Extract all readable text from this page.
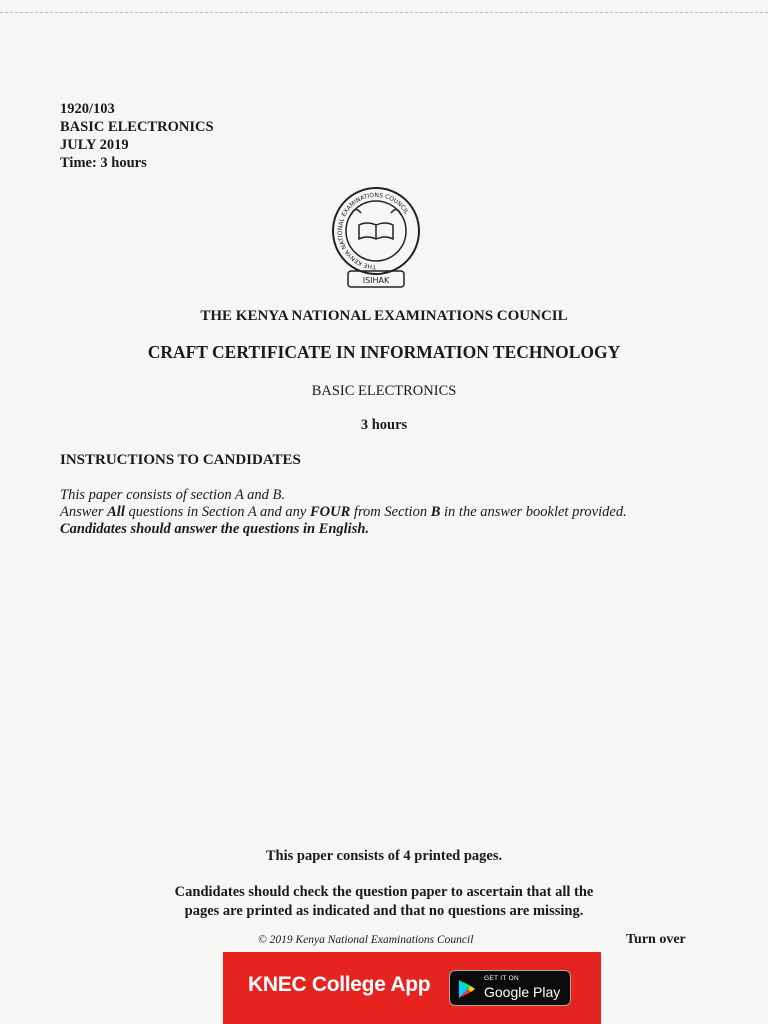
1920/103
BASIC ELECTRONICS
JULY 2019
Time: 3 hours
THE KENYA NATIONAL EXAMINATIONS COUNCIL
ISIHAK
THE KENYA NATIONAL EXAMINATIONS COUNCIL
CRAFT CERTIFICATE IN INFORMATION TECHNOLOGY
BASIC ELECTRONICS
3 hours
INSTRUCTIONS TO CANDIDATES
This paper consists of section A and B.
Answer All questions in Section A and any FOUR from Section B in the answer booklet provided.
Candidates should answer the questions in English.
This paper consists of 4 printed pages.
Candidates should check the question paper to ascertain that all the
pages are printed as indicated and that no questions are missing.
© 2019 Kenya National Examinations Council	Turn over
KNEC College App	GET IT ON
Google Play
